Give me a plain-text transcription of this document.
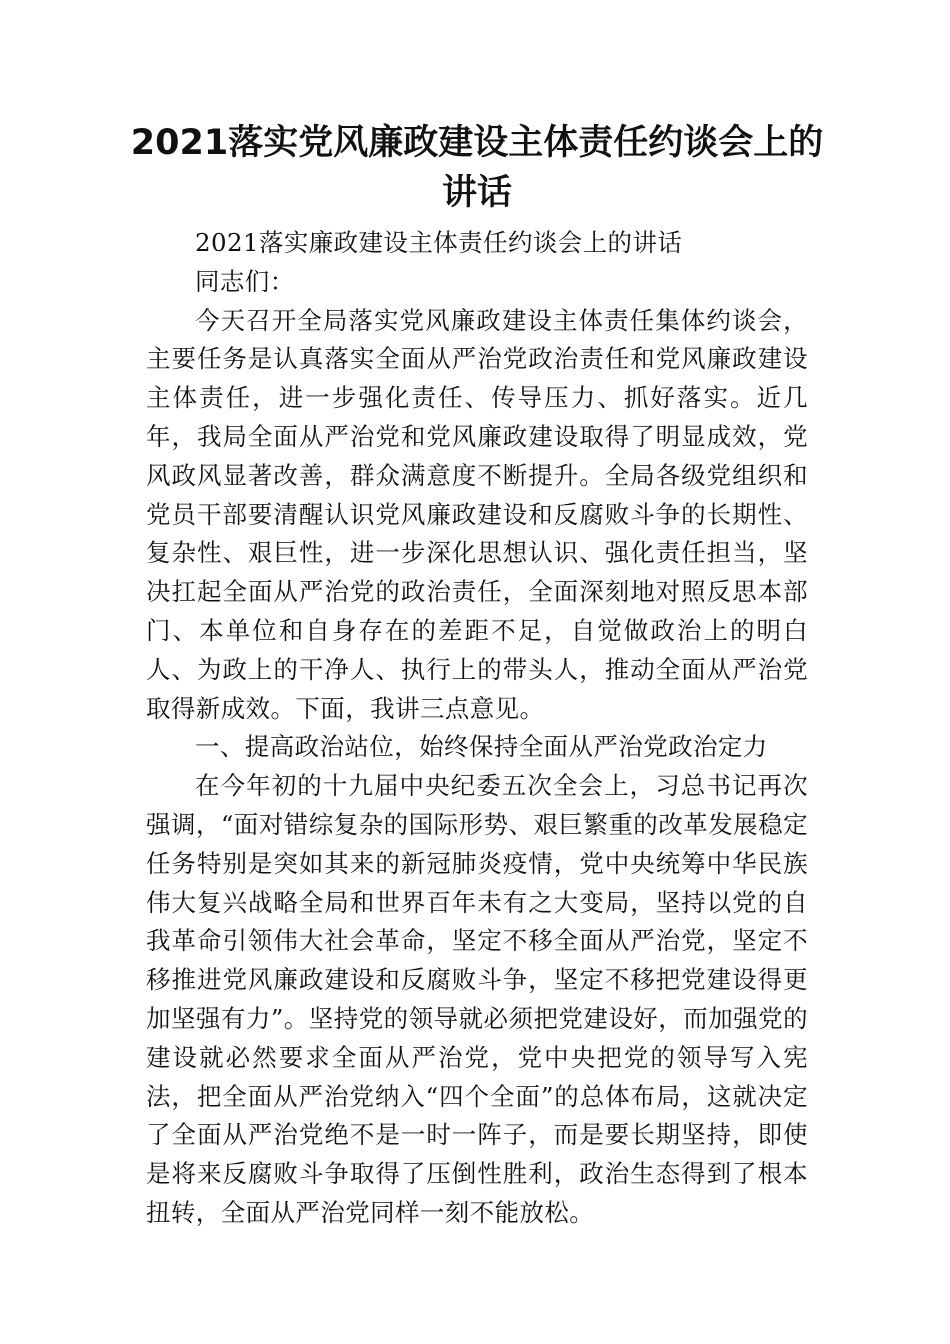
2021落实党风廉政建设主体责任约谈会上的讲话

2021落实廉政建设主体责任约谈会上的讲话

同志们：

今天召开全局落实党风廉政建设主体责任集体约谈会，主要任务是认真落实全面从严治党政治责任和党风廉政建设主体责任，进一步强化责任、传导压力、抓好落实。近几年，我局全面从严治党和党风廉政建设取得了明显成效，党风政风显著改善，群众满意度不断提升。全局各级党组织和党员干部要清醒认识党风廉政建设和反腐败斗争的长期性、复杂性、艰巨性，进一步深化思想认识、强化责任担当，坚决扛起全面从严治党的政治责任，全面深刻地对照反思本部门、本单位和自身存在的差距不足，自觉做政治上的明白人、为政上的干净人、执行上的带头人，推动全面从严治党取得新成效。下面，我讲三点意见。

一、提高政治站位，始终保持全面从严治党政治定力

在今年初的十九届中央纪委五次全会上，习总书记再次强调，“面对错综复杂的国际形势、艰巨繁重的改革发展稳定任务特别是突如其来的新冠肺炎疫情，党中央统筹中华民族伟大复兴战略全局和世界百年未有之大变局，坚持以党的自我革命引领伟大社会革命，坚定不移全面从严治党，坚定不移推进党风廉政建设和反腐败斗争，坚定不移把党建设得更加坚强有力”。坚持党的领导就必须把党建设好，而加强党的建设就必然要求全面从严治党，党中央把党的领导写入宪法，把全面从严治党纳入“四个全面”的总体布局，这就决定了全面从严治党绝不是一时一阵子，而是要长期坚持，即使是将来反腐败斗争取得了压倒性胜利，政治生态得到了根本扭转，全面从严治党同样一刻不能放松。
